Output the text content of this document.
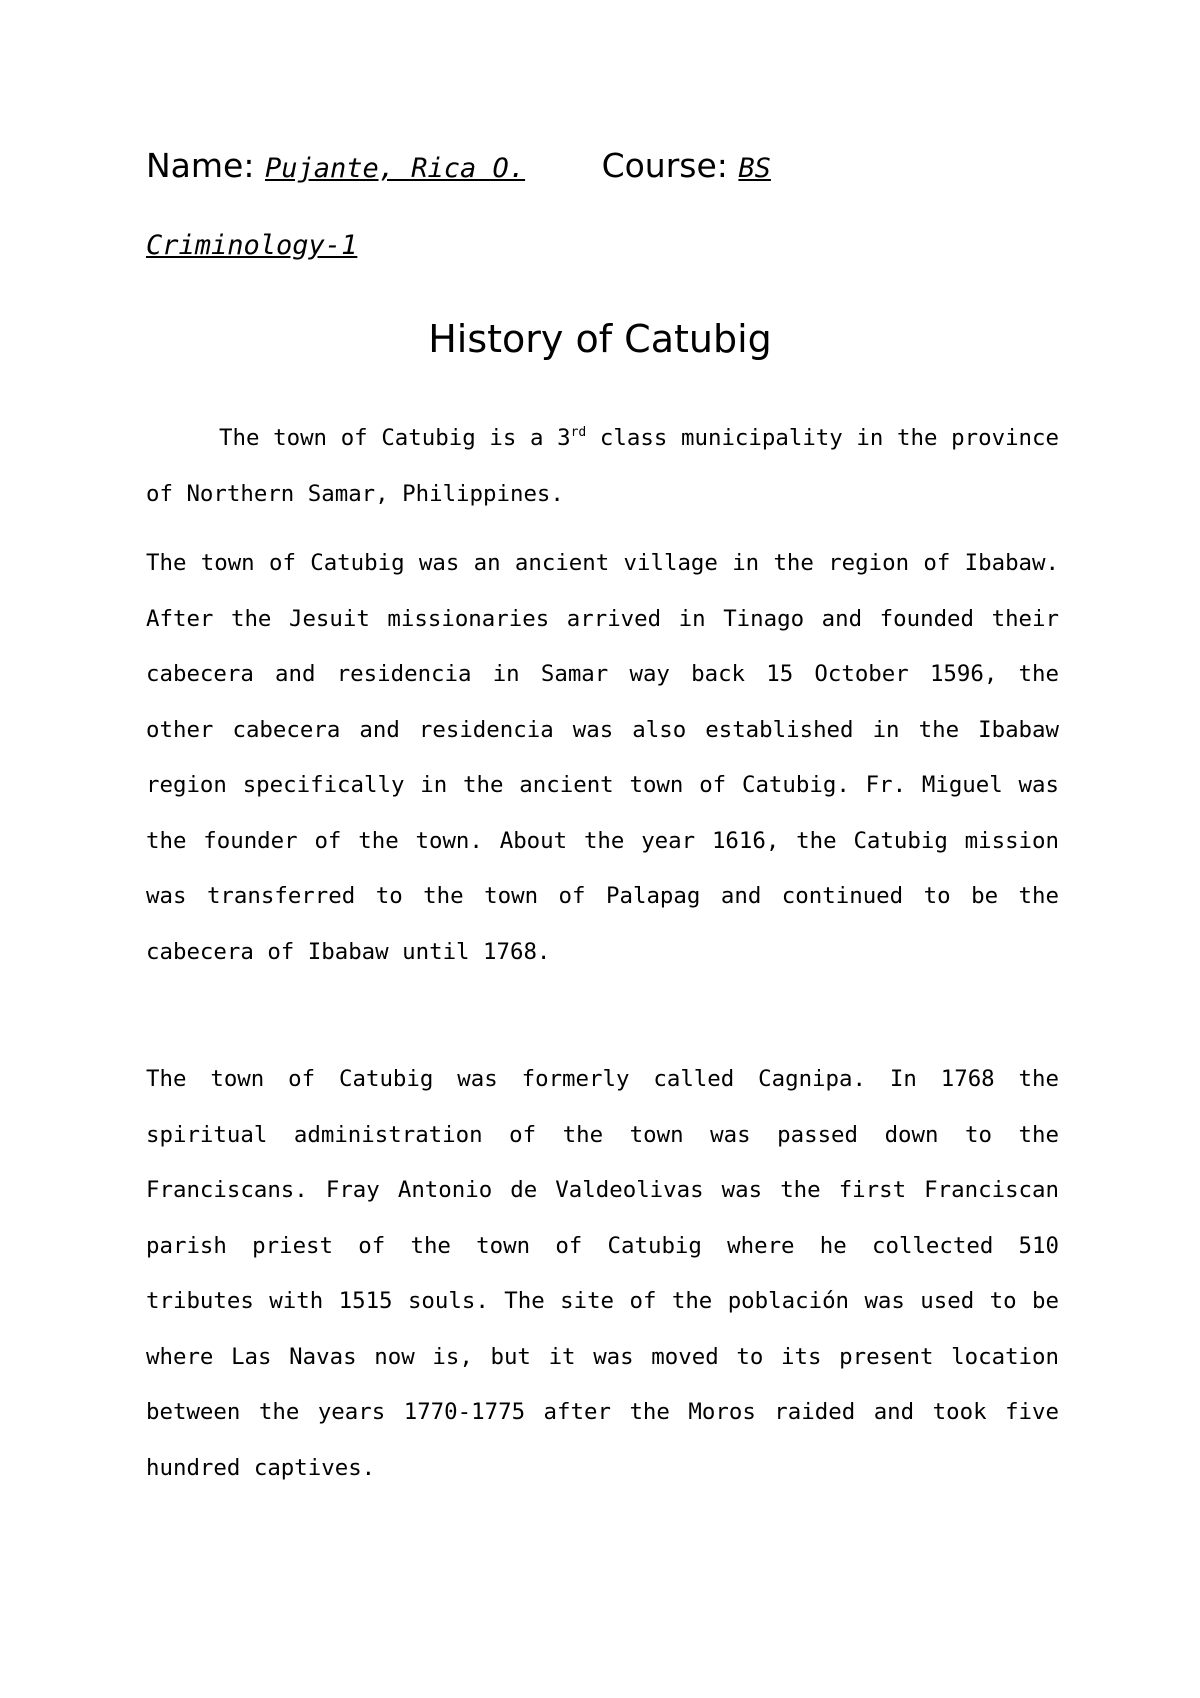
Name: Pujante, Rica O. Course: BS
Criminology-1
History of Catubig

The town of Catubig is a 3rd class municipality in the province of Northern Samar, Philippines.

The town of Catubig was an ancient village in the region of Ibabaw. After the Jesuit missionaries arrived in Tinago and founded their cabecera and residencia in Samar way back 15 October 1596, the other cabecera and residencia was also established in the Ibabaw region specifically in the ancient town of Catubig. Fr. Miguel was the founder of the town. About the year 1616, the Catubig mission was transferred to the town of Palapag and continued to be the cabecera of Ibabaw until 1768.

The town of Catubig was formerly called Cagnipa. In 1768 the spiritual administration of the town was passed down to the Franciscans. Fray Antonio de Valdeolivas was the first Franciscan parish priest of the town of Catubig where he collected 510 tributes with 1515 souls. The site of the población was used to be where Las Navas now is, but it was moved to its present location between the years 1770-1775 after the Moros raided and took five hundred captives.
